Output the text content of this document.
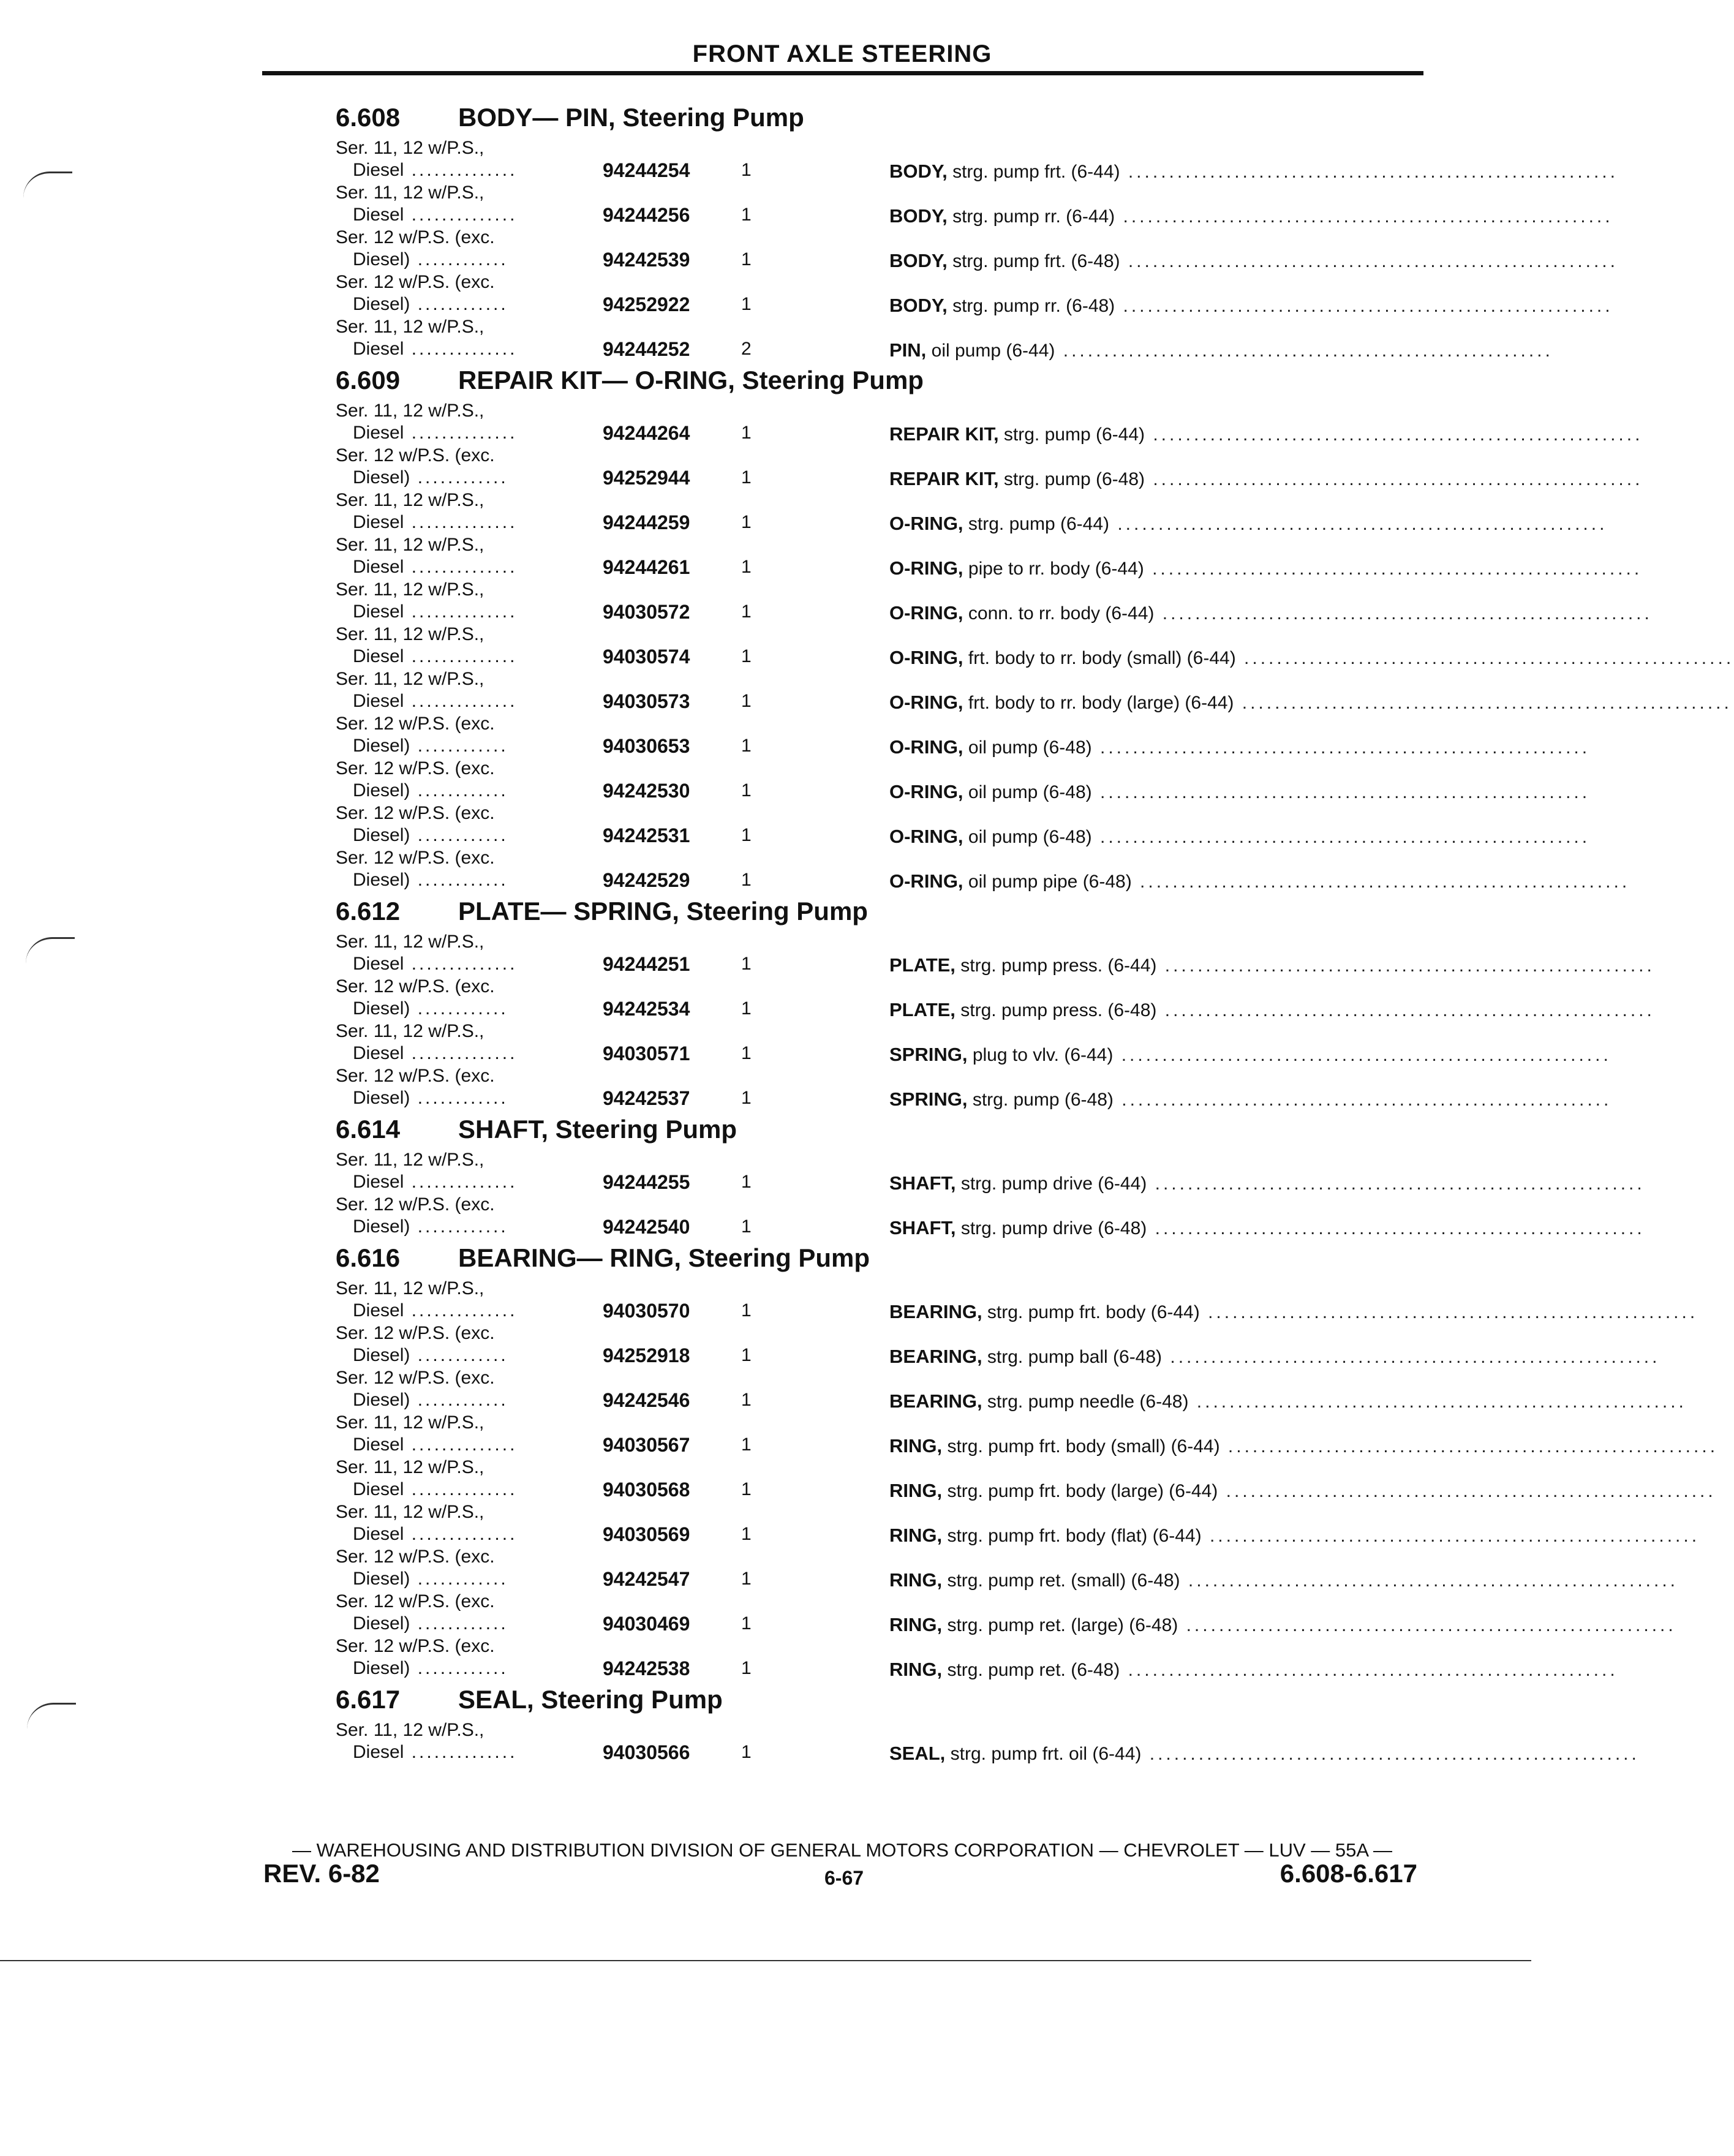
FRONT AXLE STEERING
6.608 BODY— PIN, Steering Pump
Ser. 11, 12 w/P.S.,
Diesel ..............	94244254	1	BODY, strg. pump frt. (6-44) ............................................................
Ser. 11, 12 w/P.S.,
Diesel ..............	94244256	1	BODY, strg. pump rr. (6-44) ............................................................
Ser. 12 w/P.S. (exc.
Diesel) ............	94242539	1	BODY, strg. pump frt. (6-48) ............................................................
Ser. 12 w/P.S. (exc.
Diesel) ............	94252922	1	BODY, strg. pump rr. (6-48) ............................................................
Ser. 11, 12 w/P.S.,
Diesel ..............	94244252	2	PIN, oil pump (6-44) ............................................................
6.609 REPAIR KIT— O-RING, Steering Pump
Ser. 11, 12 w/P.S.,
Diesel ..............	94244264	1	REPAIR KIT, strg. pump (6-44) ............................................................
Ser. 12 w/P.S. (exc.
Diesel) ............	94252944	1	REPAIR KIT, strg. pump (6-48) ............................................................
Ser. 11, 12 w/P.S.,
Diesel ..............	94244259	1	O-RING, strg. pump (6-44) ............................................................
Ser. 11, 12 w/P.S.,
Diesel ..............	94244261	1	O-RING, pipe to rr. body (6-44) ............................................................
Ser. 11, 12 w/P.S.,
Diesel ..............	94030572	1	O-RING, conn. to rr. body (6-44) ............................................................
Ser. 11, 12 w/P.S.,
Diesel ..............	94030574	1	O-RING, frt. body to rr. body (small) (6-44) ............................................................
Ser. 11, 12 w/P.S.,
Diesel ..............	94030573	1	O-RING, frt. body to rr. body (large) (6-44) ............................................................
Ser. 12 w/P.S. (exc.
Diesel) ............	94030653	1	O-RING, oil pump (6-48) ............................................................
Ser. 12 w/P.S. (exc.
Diesel) ............	94242530	1	O-RING, oil pump (6-48) ............................................................
Ser. 12 w/P.S. (exc.
Diesel) ............	94242531	1	O-RING, oil pump (6-48) ............................................................
Ser. 12 w/P.S. (exc.
Diesel) ............	94242529	1	O-RING, oil pump pipe (6-48) ............................................................
6.612 PLATE— SPRING, Steering Pump
Ser. 11, 12 w/P.S.,
Diesel ..............	94244251	1	PLATE, strg. pump press. (6-44) ............................................................
Ser. 12 w/P.S. (exc.
Diesel) ............	94242534	1	PLATE, strg. pump press. (6-48) ............................................................
Ser. 11, 12 w/P.S.,
Diesel ..............	94030571	1	SPRING, plug to vlv. (6-44) ............................................................
Ser. 12 w/P.S. (exc.
Diesel) ............	94242537	1	SPRING, strg. pump (6-48) ............................................................
6.614 SHAFT, Steering Pump
Ser. 11, 12 w/P.S.,
Diesel ..............	94244255	1	SHAFT, strg. pump drive (6-44) ............................................................
Ser. 12 w/P.S. (exc.
Diesel) ............	94242540	1	SHAFT, strg. pump drive (6-48) ............................................................
6.616 BEARING— RING, Steering Pump
Ser. 11, 12 w/P.S.,
Diesel ..............	94030570	1	BEARING, strg. pump frt. body (6-44) ............................................................
Ser. 12 w/P.S. (exc.
Diesel) ............	94252918	1	BEARING, strg. pump ball (6-48) ............................................................
Ser. 12 w/P.S. (exc.
Diesel) ............	94242546	1	BEARING, strg. pump needle (6-48) ............................................................
Ser. 11, 12 w/P.S.,
Diesel ..............	94030567	1	RING, strg. pump frt. body (small) (6-44) ............................................................
Ser. 11, 12 w/P.S.,
Diesel ..............	94030568	1	RING, strg. pump frt. body (large) (6-44) ............................................................
Ser. 11, 12 w/P.S.,
Diesel ..............	94030569	1	RING, strg. pump frt. body (flat) (6-44) ............................................................
Ser. 12 w/P.S. (exc.
Diesel) ............	94242547	1	RING, strg. pump ret. (small) (6-48) ............................................................
Ser. 12 w/P.S. (exc.
Diesel) ............	94030469	1	RING, strg. pump ret. (large) (6-48) ............................................................
Ser. 12 w/P.S. (exc.
Diesel) ............	94242538	1	RING, strg. pump ret. (6-48) ............................................................
6.617 SEAL, Steering Pump
Ser. 11, 12 w/P.S.,
Diesel ..............	94030566	1	SEAL, strg. pump frt. oil (6-44) ............................................................
— WAREHOUSING AND DISTRIBUTION DIVISION OF GENERAL MOTORS CORPORATION — CHEVROLET — LUV — 55A —
REV. 6-82	6-67	6.608-6.617
